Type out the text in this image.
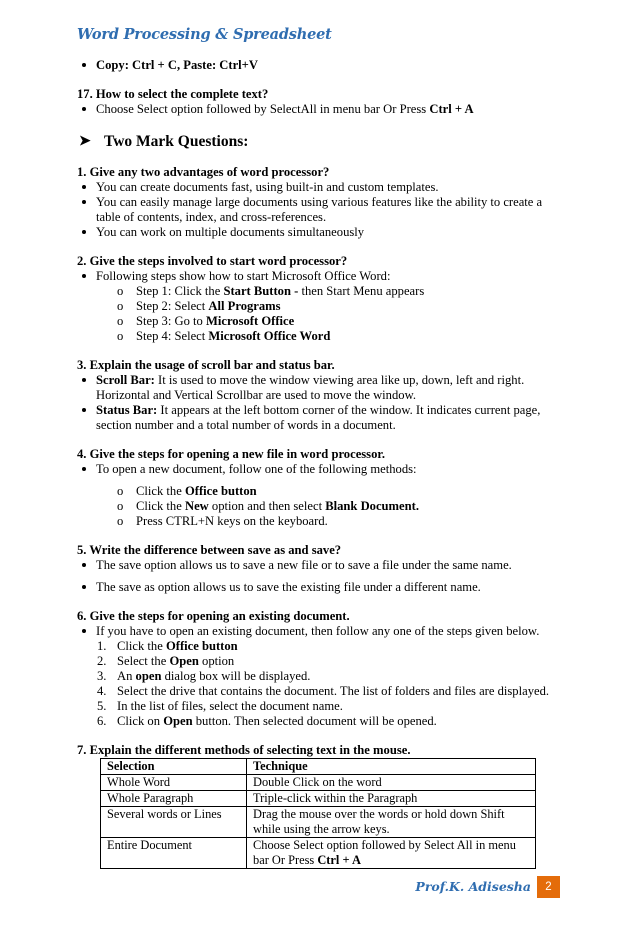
Word Processing & Spreadsheet
Copy: Ctrl + C, Paste: Ctrl+V
17. How to select the complete text?
Choose Select option followed by SelectAll in menu bar Or Press Ctrl + A
➤ Two Mark Questions:
1. Give any two advantages of word processor?
You can create documents fast, using built-in and custom templates.
You can easily manage large documents using various features like the ability to create a table of contents, index, and cross-references.
You can work on multiple documents simultaneously
2. Give the steps involved to start word processor?
Following steps show how to start Microsoft Office Word:
o Step 1: Click the Start Button - then Start Menu appears
o Step 2: Select All Programs
o Step 3: Go to Microsoft Office
o Step 4: Select Microsoft Office Word
3. Explain the usage of scroll bar and status bar.
Scroll Bar: It is used to move the window viewing area like up, down, left and right. Horizontal and Vertical Scrollbar are used to move the window.
Status Bar: It appears at the left bottom corner of the window. It indicates current page, section number and a total number of words in a document.
4. Give the steps for opening a new file in word processor.
To open a new document, follow one of the following methods:
o Click the Office button
o Click the New option and then select Blank Document.
o Press CTRL+N keys on the keyboard.
5. Write the difference between save as and save?
The save option allows us to save a new file or to save a file under the same name.
The save as option allows us to save the existing file under a different name.
6. Give the steps for opening an existing document.
If you have to open an existing document, then follow any one of the steps given below.
1. Click the Office button
2. Select the Open option
3. An open dialog box will be displayed.
4. Select the drive that contains the document. The list of folders and files are displayed.
5. In the list of files, select the document name.
6. Click on Open button. Then selected document will be opened.
7. Explain the different methods of selecting text in the mouse.
Selection	Technique
Whole Word	Double Click on the word
Whole Paragraph	Triple-click within the Paragraph
Several words or Lines	Drag the mouse over the words or hold down Shift while using the arrow keys.
Entire Document	Choose Select option followed by Select All in menu bar Or Press Ctrl + A
Prof.K. Adisesha	2
